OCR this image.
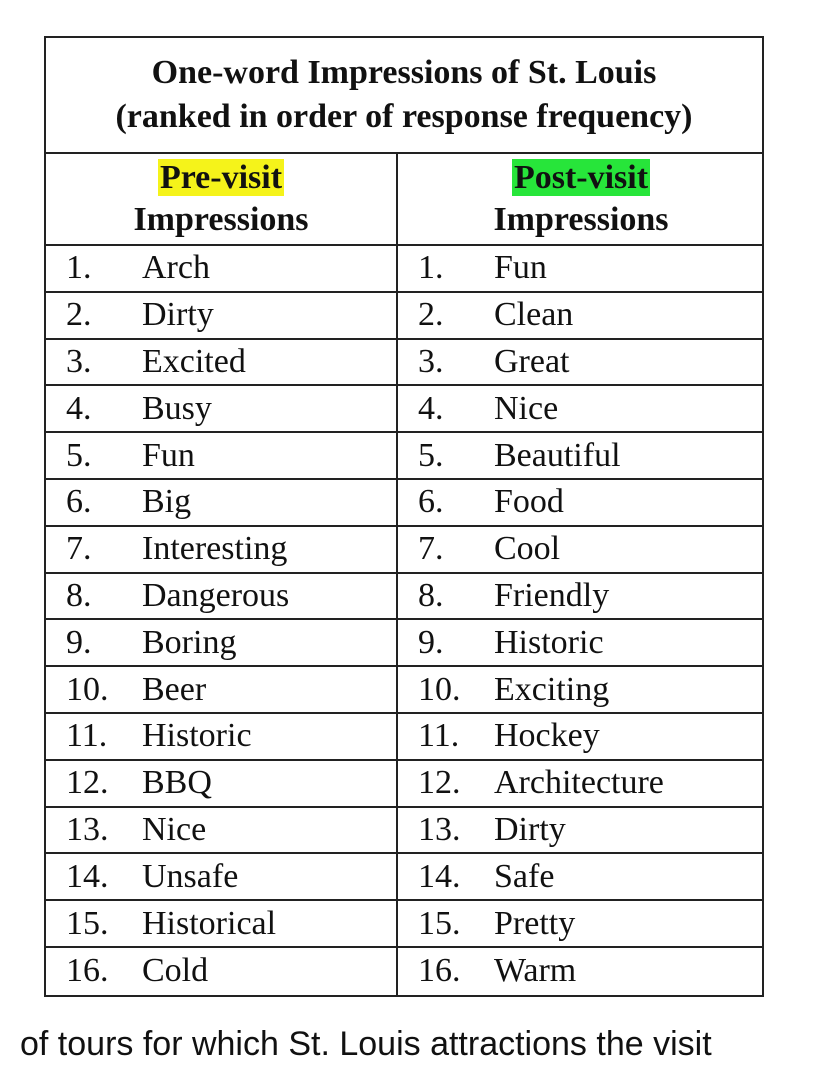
One-word Impressions of St. Louis
(ranked in order of response frequency)
Pre-visit
Impressions
Post-visit
Impressions
1.	Arch	1.	Fun
2.	Dirty	2.	Clean
3.	Excited	3.	Great
4.	Busy	4.	Nice
5.	Fun	5.	Beautiful
6.	Big	6.	Food
7.	Interesting	7.	Cool
8.	Dangerous	8.	Friendly
9.	Boring	9.	Historic
10. Beer	10. Exciting
11.	Historic	11.	Hockey
12. BBQ	12. Architecture
13. Nice	13. Dirty
14. Unsafe	14. Safe
15. Historical	15. Pretty
16. Cold	16. Warm
of tours for which St. Louis attractions the visit
